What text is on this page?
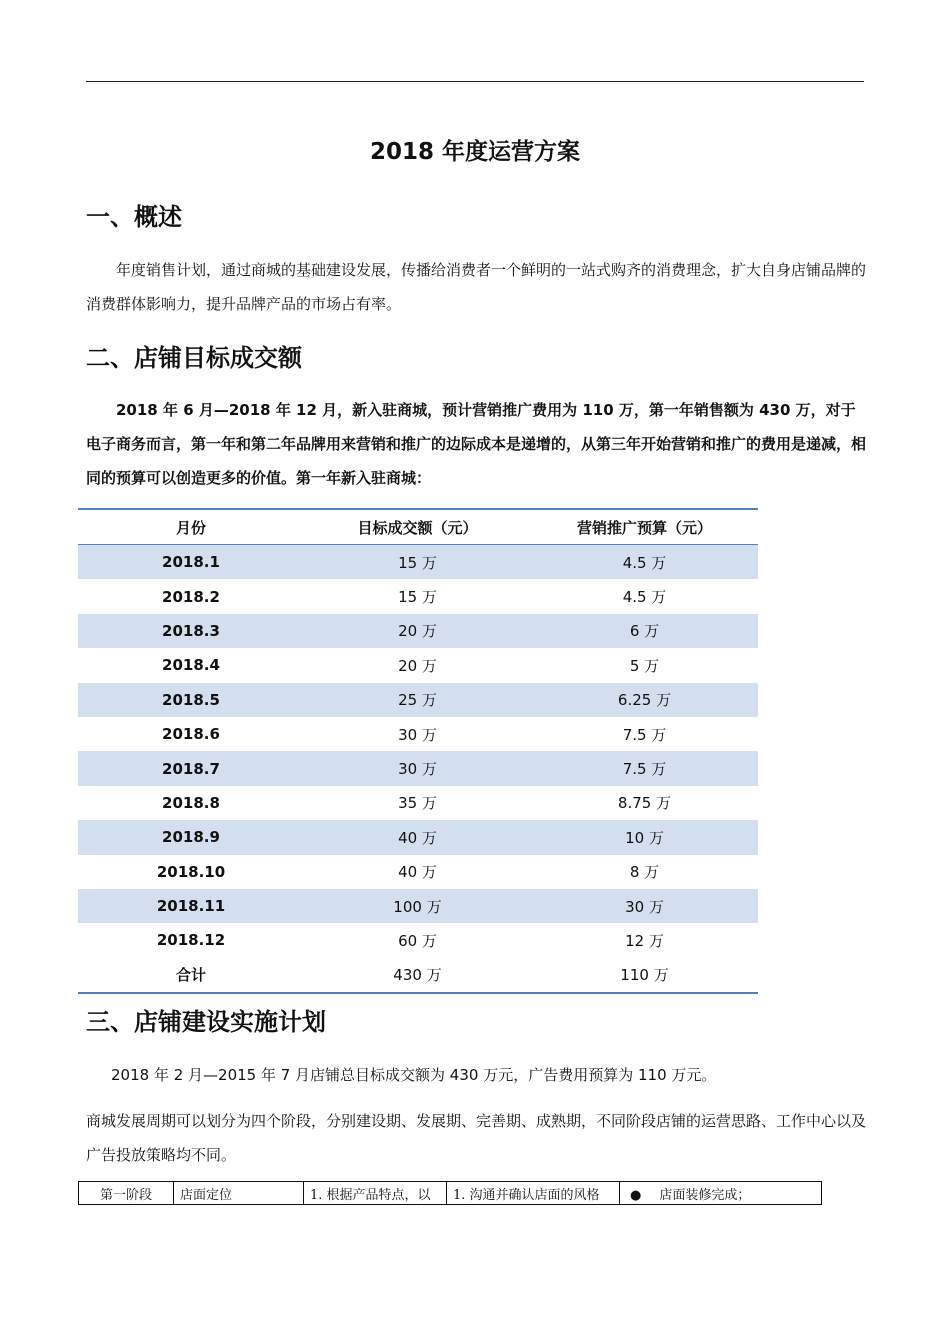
2018 年度运营方案
一、概述

年度销售计划，通过商城的基础建设发展，传播给消费者一个鲜明的一站式购齐的消费理念，扩大自身店铺品牌的消费群体影响力，提升品牌产品的市场占有率。

二、店铺目标成交额

2018 年 6 月—2018 年 12 月，新入驻商城，预计营销推广费用为 110 万，第一年销售额为 430 万，对于电子商务而言，第一年和第二年品牌用来营销和推广的边际成本是递增的，从第三年开始营销和推广的费用是递减，相同的预算可以创造更多的价值。第一年新入驻商城：

月份	目标成交额（元）	营销推广预算（元）
2018.1	15 万	4.5 万
2018.2	15 万	4.5 万
2018.3	20 万	6 万
2018.4	20 万	5 万
2018.5	25 万	6.25 万
2018.6	30 万	7.5 万
2018.7	30 万	7.5 万
2018.8	35 万	8.75 万
2018.9	40 万	10 万
2018.10	40 万	8 万
2018.11	100 万	30 万
2018.12	60 万	12 万
合计	430 万	110 万
三、店铺建设实施计划

2018 年 2 月—2015 年 7 月店铺总目标成交额为 430 万元，广告费用预算为 110 万元。

商城发展周期可以划分为四个阶段，分别建设期、发展期、完善期、成熟期，不同阶段店铺的运营思路、工作中心以及广告投放策略均不同。

第一阶段	店面定位	1. 根据产品特点，以	1. 沟通并确认店面的风格	● 店面装修完成；
